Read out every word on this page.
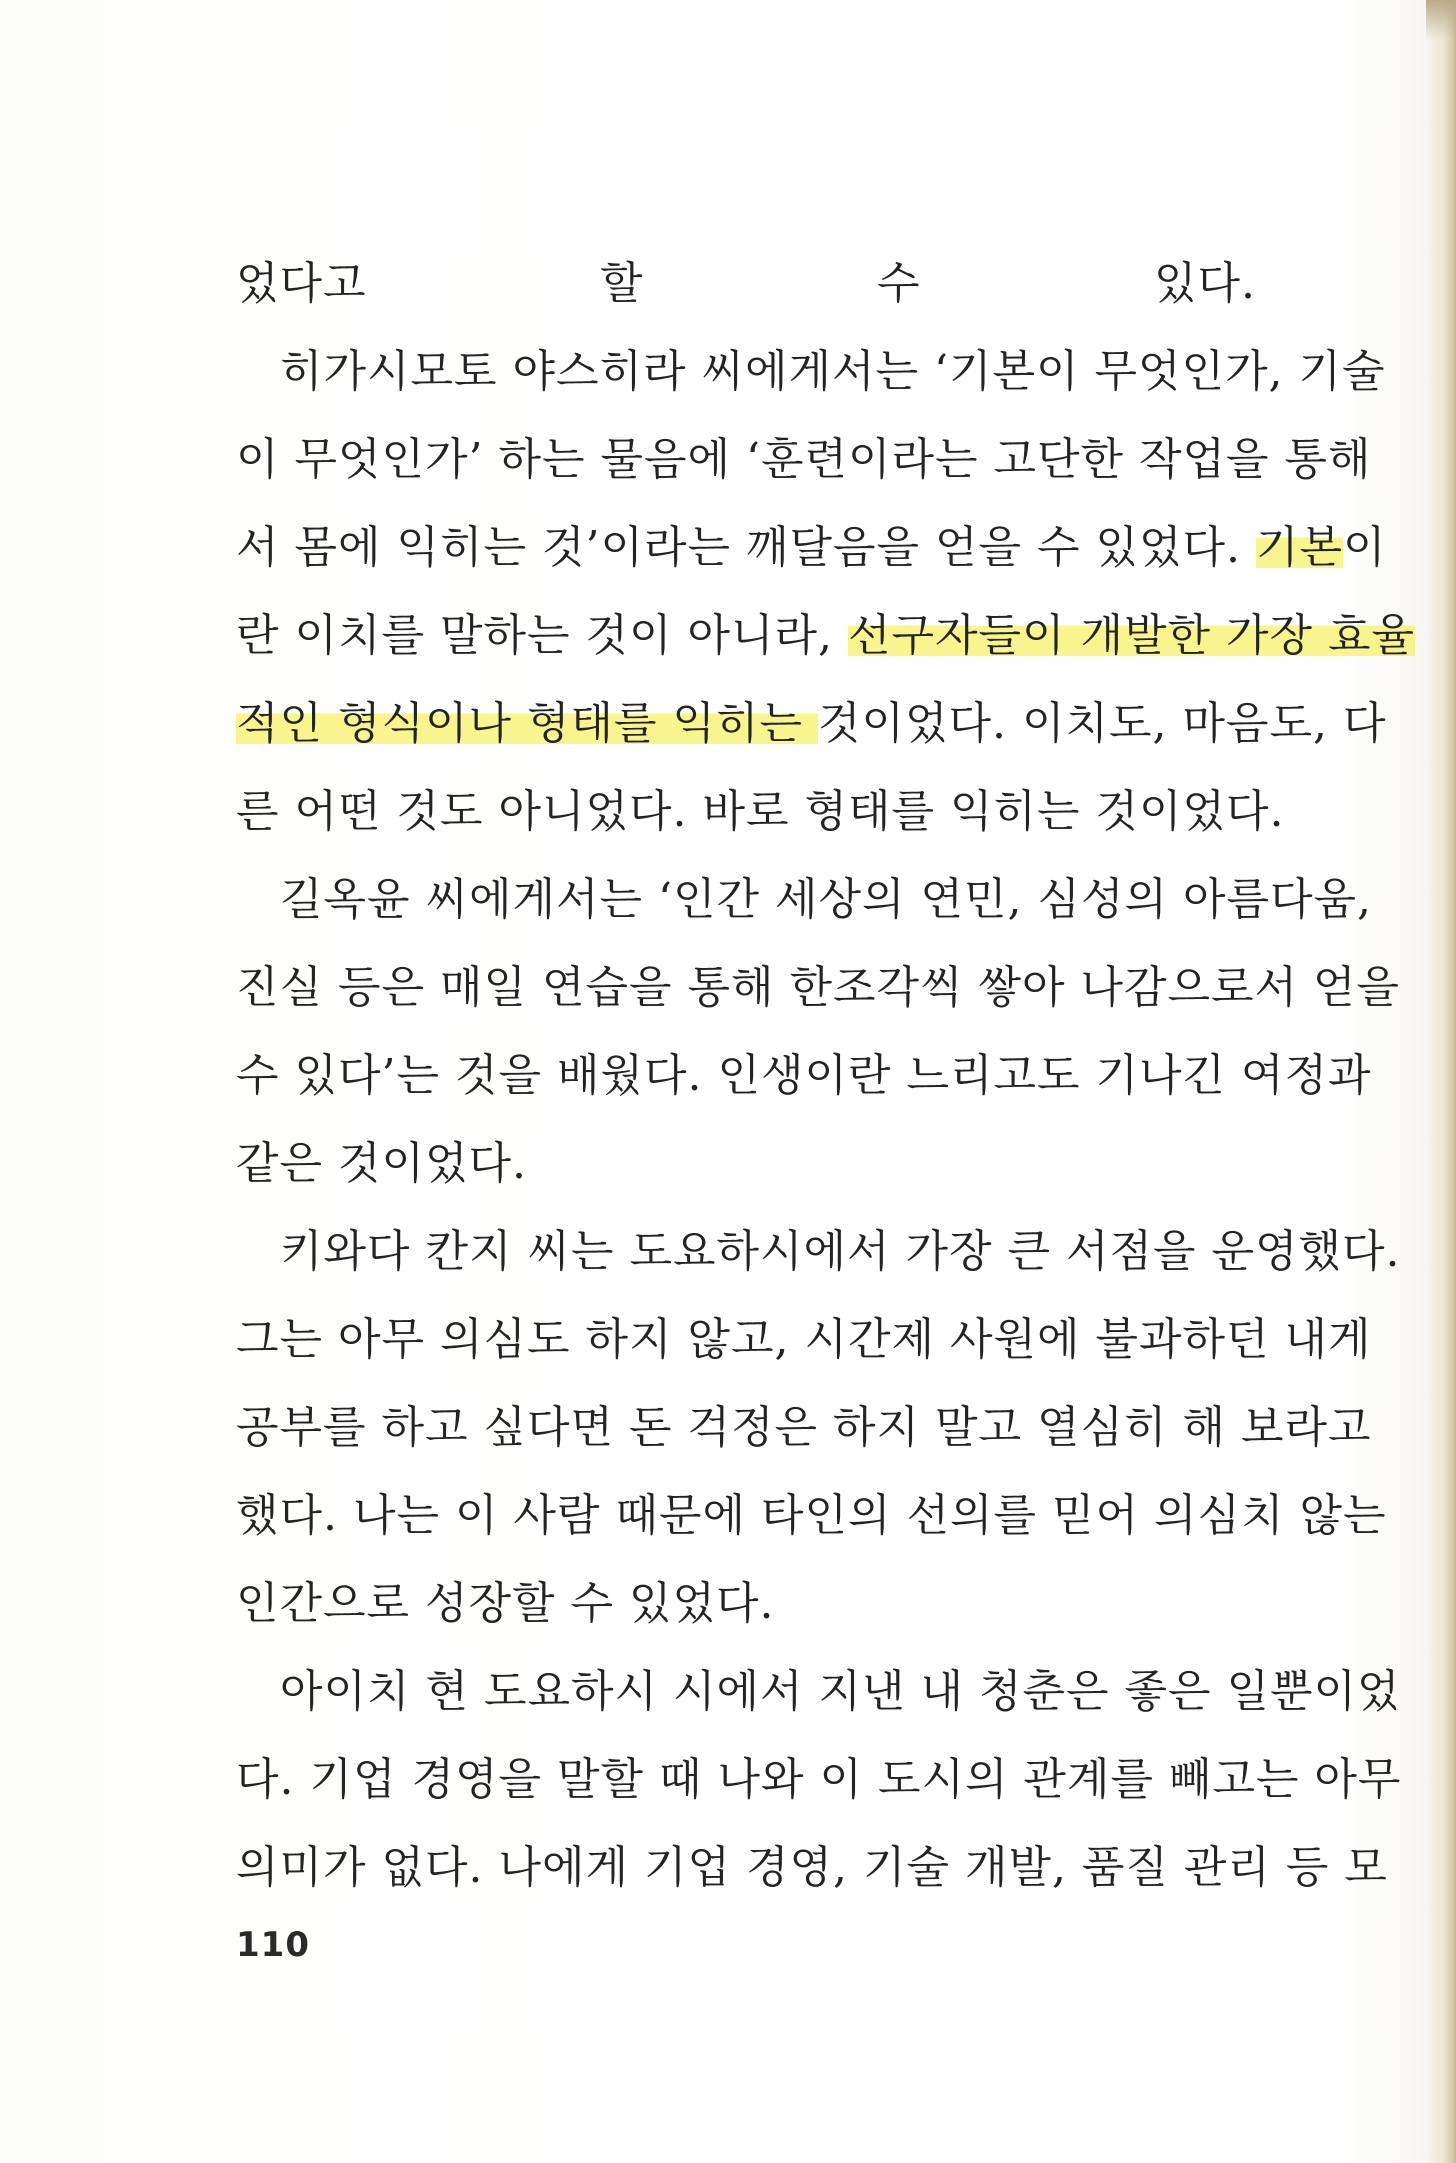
었다고 할 수 있다.
히가시모토 야스히라 씨에게서는 ‘기본이 무엇인가, 기술
이 무엇인가’ 하는 물음에 ‘훈련이라는 고단한 작업을 통해
서 몸에 익히는 것’이라는 깨달음을 얻을 수 있었다. 기본이
란 이치를 말하는 것이 아니라, 선구자들이 개발한 가장 효율
적인 형식이나 형태를 익히는 것이었다. 이치도, 마음도, 다
른 어떤 것도 아니었다. 바로 형태를 익히는 것이었다.
길옥윤 씨에게서는 ‘인간 세상의 연민, 심성의 아름다움,
진실 등은 매일 연습을 통해 한조각씩 쌓아 나감으로서 얻을
수 있다’는 것을 배웠다. 인생이란 느리고도 기나긴 여정과
같은 것이었다.
키와다 칸지 씨는 도요하시에서 가장 큰 서점을 운영했다.
그는 아무 의심도 하지 않고, 시간제 사원에 불과하던 내게
공부를 하고 싶다면 돈 걱정은 하지 말고 열심히 해 보라고
했다. 나는 이 사람 때문에 타인의 선의를 믿어 의심치 않는
인간으로 성장할 수 있었다.
아이치 현 도요하시 시에서 지낸 내 청춘은 좋은 일뿐이었
다. 기업 경영을 말할 때 나와 이 도시의 관계를 빼고는 아무
의미가 없다. 나에게 기업 경영, 기술 개발, 품질 관리 등 모
110
